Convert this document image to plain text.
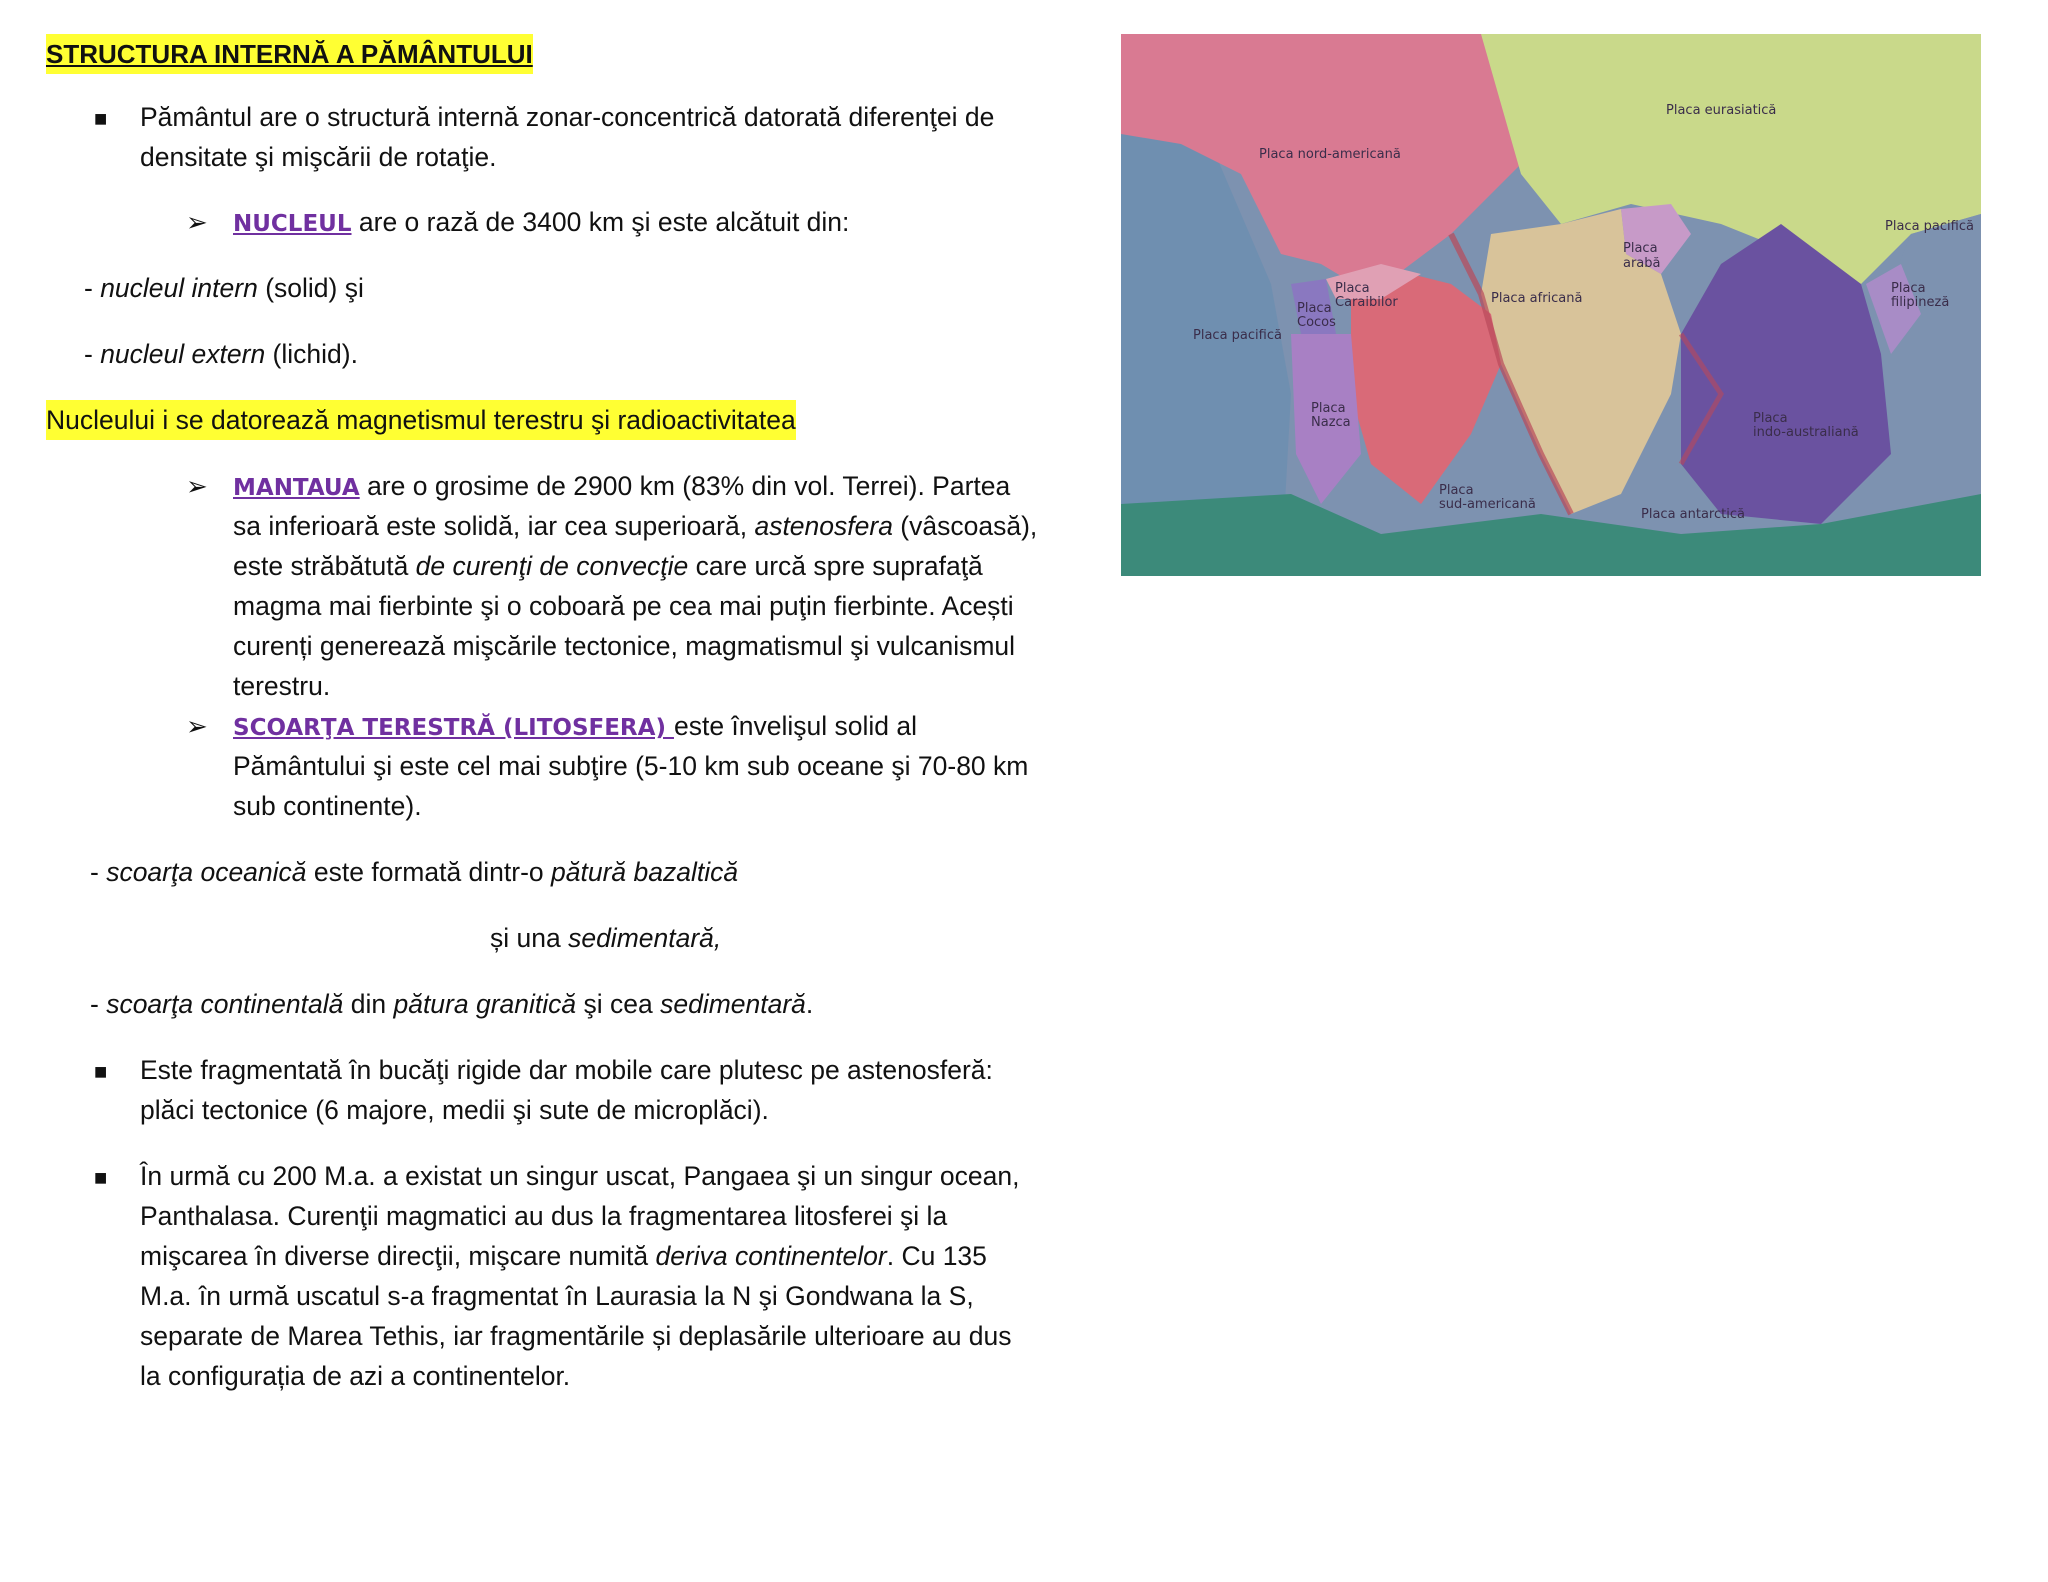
STRUCTURA INTERNĂ A PĂMÂNTULUI
■ Pământul are o structură internă zonar-concentrică datorată diferenţei de
densitate şi mişcării de rotaţie.
➢ NUCLEUL are o rază de 3400 km şi este alcătuit din:
- nucleul intern (solid) şi
- nucleul extern (lichid).
Nucleului i se datorează magnetismul terestru şi radioactivitatea
➢ MANTAUA are o grosime de 2900 km (83% din vol. Terrei). Partea
sa inferioară este solidă, iar cea superioară, astenosfera (vâscoasă),
este străbătută de curenţi de convecţie care urcă spre suprafaţă
magma mai fierbinte şi o coboară pe cea mai puţin fierbinte. Acești
curenți generează mişcările tectonice, magmatismul şi vulcanismul
terestru.
➢ SCOARŢA TERESTRĂ (LITOSFERA) este învelişul solid al
Pământului şi este cel mai subţire (5-10 km sub oceane şi 70-80 km
sub continente).
- scoarţa oceanică este formată dintr-o pătură bazaltică
și una sedimentară,
- scoarţa continentală din pătura granitică şi cea sedimentară.
■ Este fragmentată în bucăţi rigide dar mobile care plutesc pe astenosferă:
plăci tectonice (6 majore, medii şi sute de microplăci).
■ În urmă cu 200 M.a. a existat un singur uscat, Pangaea şi un singur ocean,
Panthalasa. Curenţii magmatici au dus la fragmentarea litosferei şi la
mişcarea în diverse direcţii, mişcare numită deriva continentelor. Cu 135
M.a. în urmă uscatul s-a fragmentat în Laurasia la N şi Gondwana la S,
separate de Marea Tethis, iar fragmentările și deplasările ulterioare au dus
la configurația de azi a continentelor.
Placa eurasiatică
Placa nord-americană
Placa pacifică
Placa
arabă
Placa
Caraibilor	Placa africană
Placa
filipineză
Placa pacifică
Placa
Cocos
Placa
Nazca	Placa
indo-australiană
Placa
sud-americană
Placa antarctică
